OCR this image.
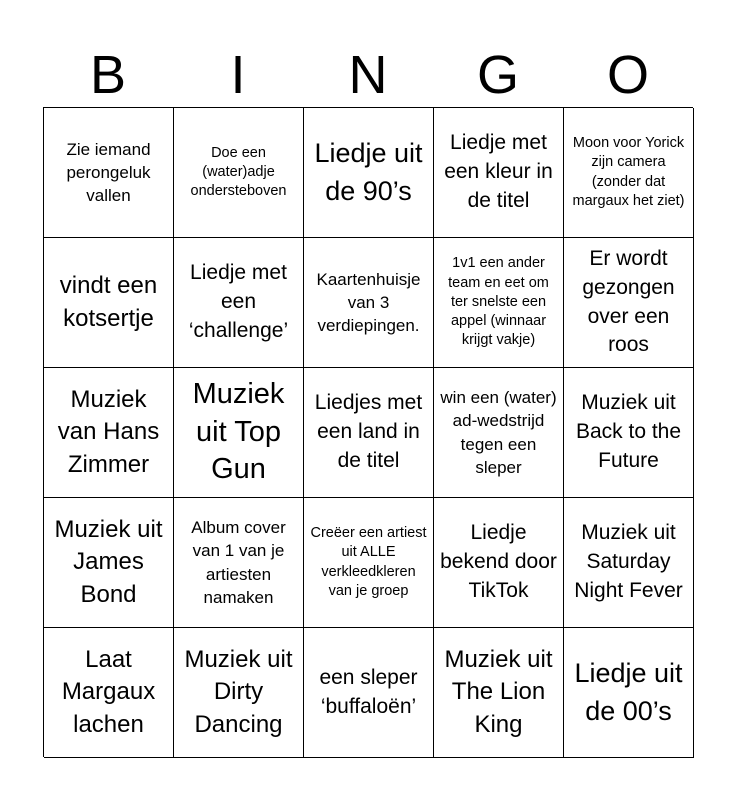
B	I	N	G	O
Zie iemand perongeluk vallen
Doe een (water)adje ondersteboven
Liedje uit de 90’s
Liedje met een kleur in de titel
Moon voor Yorick zijn camera (zonder dat margaux het ziet)
vindt een kotsertje
Liedje met een ‘challenge’
Kaartenhuisje van 3 verdiepingen.
1v1 een ander team en eet om ter snelste een appel (winnaar krijgt vakje)
Er wordt gezongen over een roos
Muziek van Hans Zimmer
Muziek uit Top Gun
Liedjes met een land in de titel
win een (water) ad-wedstrijd tegen een sleper
Muziek uit Back to the Future
Muziek uit James Bond
Album cover van 1 van je artiesten namaken
Creëer een artiest uit ALLE verkleedkleren van je groep
Liedje bekend door TikTok
Muziek uit Saturday Night Fever
Laat Margaux lachen
Muziek uit Dirty Dancing
een sleper ‘buffaloën’
Muziek uit The Lion King
Liedje uit de 00’s
